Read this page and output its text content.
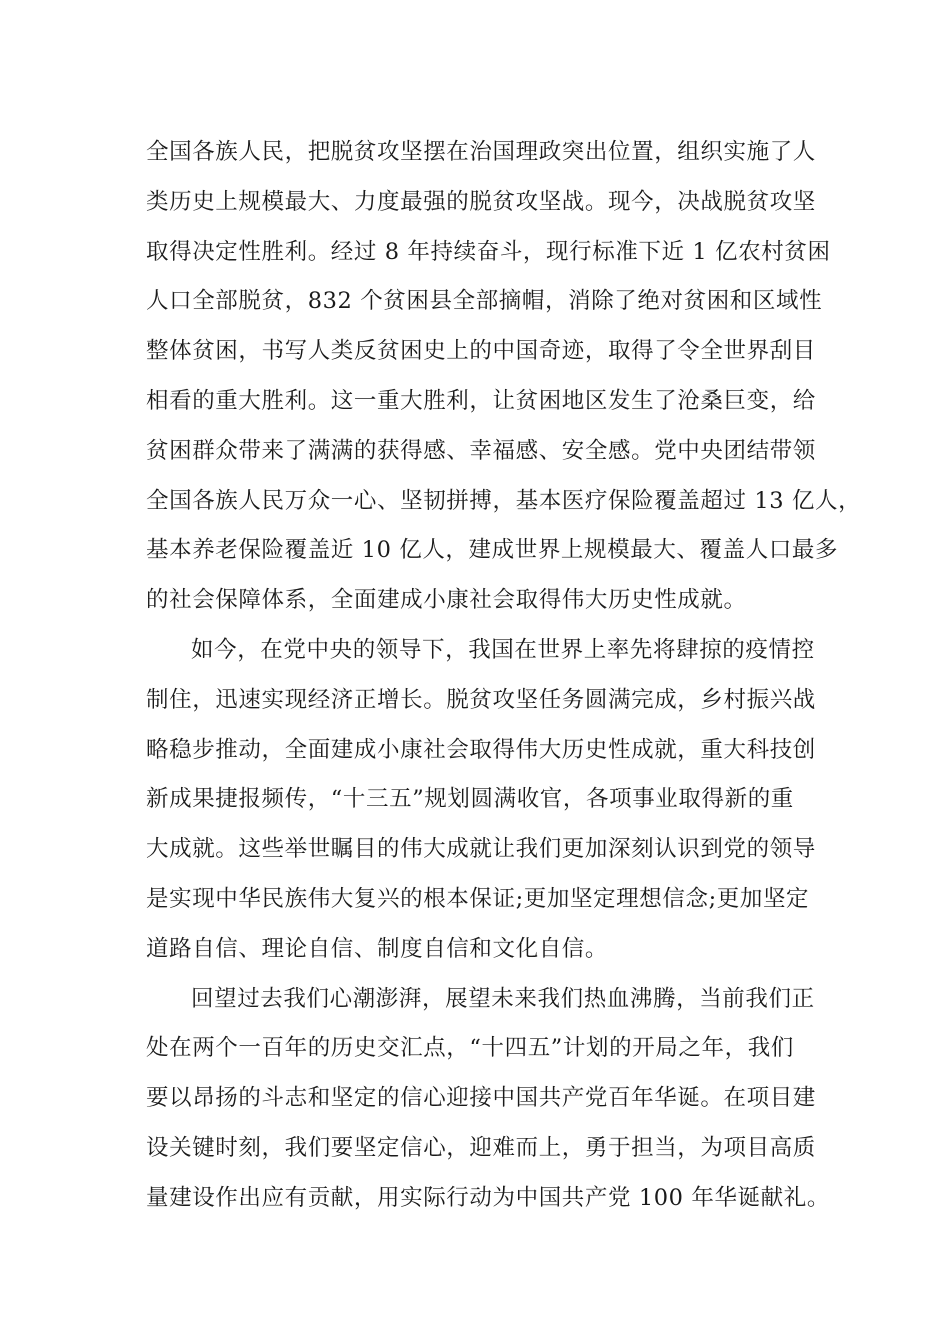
全国各族人民，把脱贫攻坚摆在治国理政突出位置，组织实施了人
类历史上规模最大、力度最强的脱贫攻坚战。现今，决战脱贫攻坚
取得决定性胜利。经过 8 年持续奋斗，现行标准下近 1 亿农村贫困
人口全部脱贫，832 个贫困县全部摘帽，消除了绝对贫困和区域性
整体贫困，书写人类反贫困史上的中国奇迹，取得了令全世界刮目
相看的重大胜利。这一重大胜利，让贫困地区发生了沧桑巨变，给
贫困群众带来了满满的获得感、幸福感、安全感。党中央团结带领
全国各族人民万众一心、坚韧拼搏，基本医疗保险覆盖超过 13 亿人，
基本养老保险覆盖近 10 亿人，建成世界上规模最大、覆盖人口最多
的社会保障体系，全面建成小康社会取得伟大历史性成就。

如今，在党中央的领导下，我国在世界上率先将肆掠的疫情控
制住，迅速实现经济正增长。脱贫攻坚任务圆满完成，乡村振兴战
略稳步推动，全面建成小康社会取得伟大历史性成就，重大科技创
新成果捷报频传，“十三五”规划圆满收官，各项事业取得新的重
大成就。这些举世瞩目的伟大成就让我们更加深刻认识到党的领导
是实现中华民族伟大复兴的根本保证;更加坚定理想信念;更加坚定
道路自信、理论自信、制度自信和文化自信。

回望过去我们心潮澎湃，展望未来我们热血沸腾，当前我们正
处在两个一百年的历史交汇点，“十四五”计划的开局之年，我们
要以昂扬的斗志和坚定的信心迎接中国共产党百年华诞。在项目建
设关键时刻，我们要坚定信心，迎难而上，勇于担当，为项目高质
量建设作出应有贡献，用实际行动为中国共产党 100 年华诞献礼。
